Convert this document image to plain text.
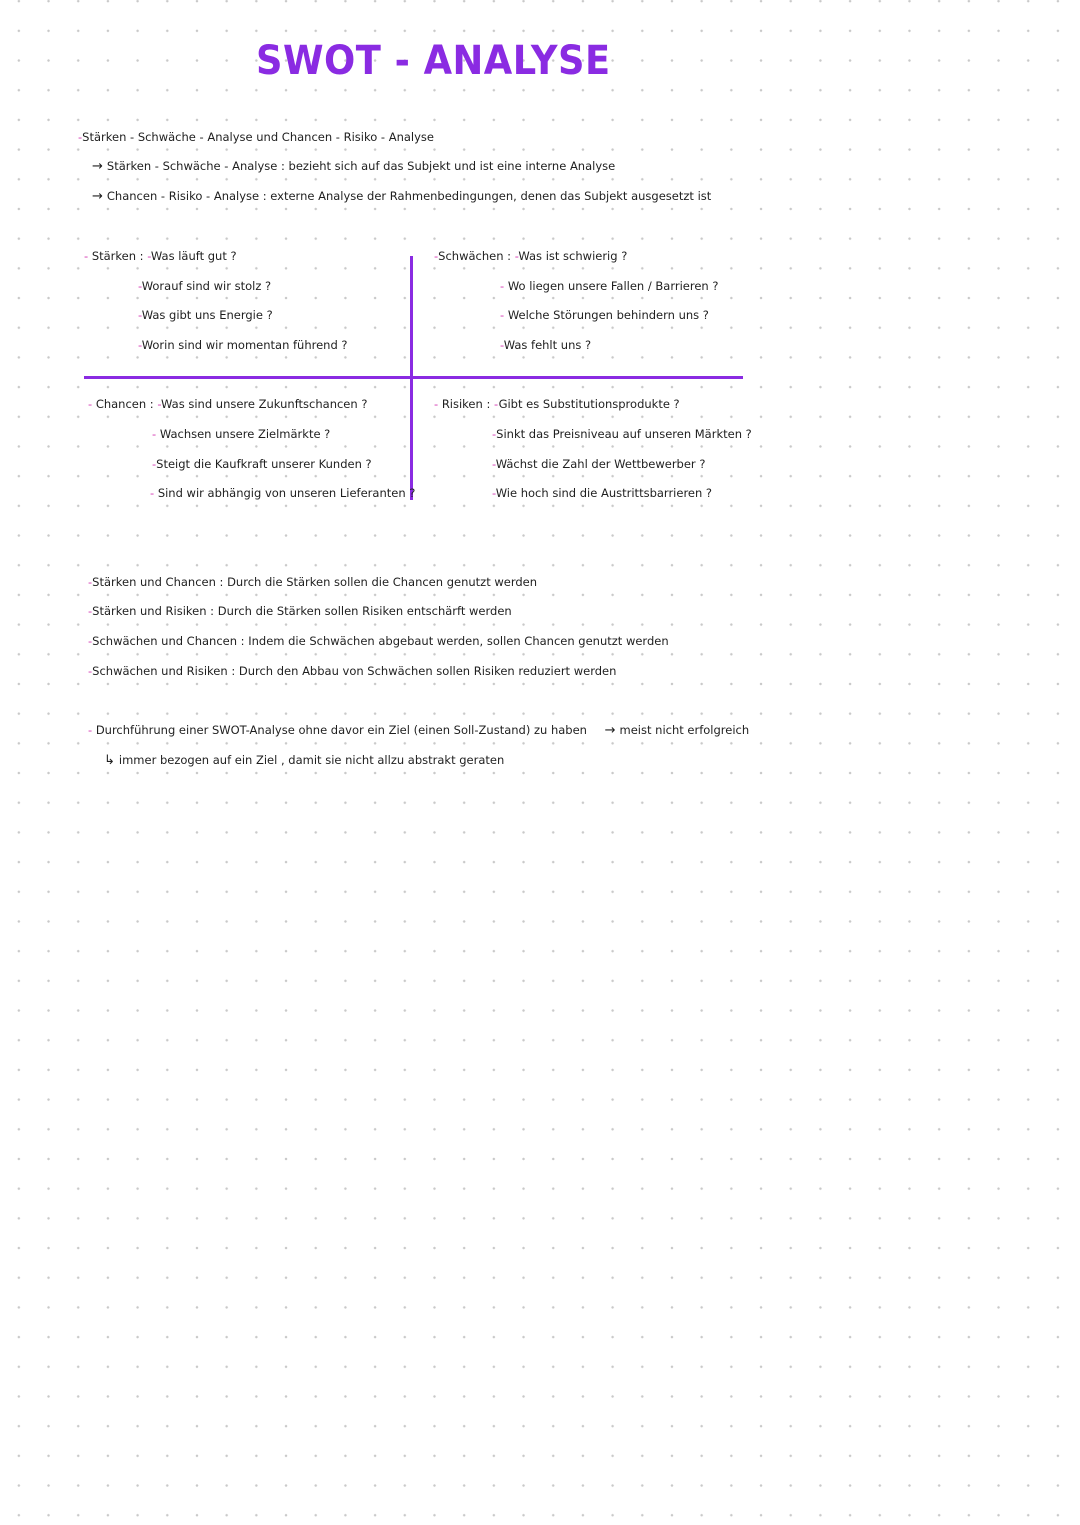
SWOT - ANALYSE
-Stärken - Schwäche - Analyse und Chancen - Risiko - Analyse
→ Stärken - Schwäche - Analyse : bezieht sich auf das Subjekt und ist eine interne Analyse
→ Chancen - Risiko - Analyse : externe Analyse der Rahmenbedingungen, denen das Subjekt ausgesetzt ist
- Stärken : -Was läuft gut ?
-Worauf sind wir stolz ?
-Was gibt uns Energie ?
-Worin sind wir momentan führend ?
-Schwächen : -Was ist schwierig ?
- Wo liegen unsere Fallen / Barrieren ?
- Welche Störungen behindern uns ?
-Was fehlt uns ?
- Chancen : -Was sind unsere Zukunftschancen ?
- Wachsen unsere Zielmärkte ?
-Steigt die Kaufkraft unserer Kunden ?
- Sind wir abhängig von unseren Lieferanten ?
- Risiken : -Gibt es Substitutionsprodukte ?
-Sinkt das Preisniveau auf unseren Märkten ?
-Wächst die Zahl der Wettbewerber ?
-Wie hoch sind die Austrittsbarrieren ?
-Stärken und Chancen : Durch die Stärken sollen die Chancen genutzt werden
-Stärken und Risiken : Durch die Stärken sollen Risiken entschärft werden
-Schwächen und Chancen : Indem die Schwächen abgebaut werden, sollen Chancen genutzt werden
-Schwächen und Risiken : Durch den Abbau von Schwächen sollen Risiken reduziert werden
- Durchführung einer SWOT-Analyse ohne davor ein Ziel (einen Soll-Zustand) zu haben → meist nicht erfolgreich
↳ immer bezogen auf ein Ziel , damit sie nicht allzu abstrakt geraten
